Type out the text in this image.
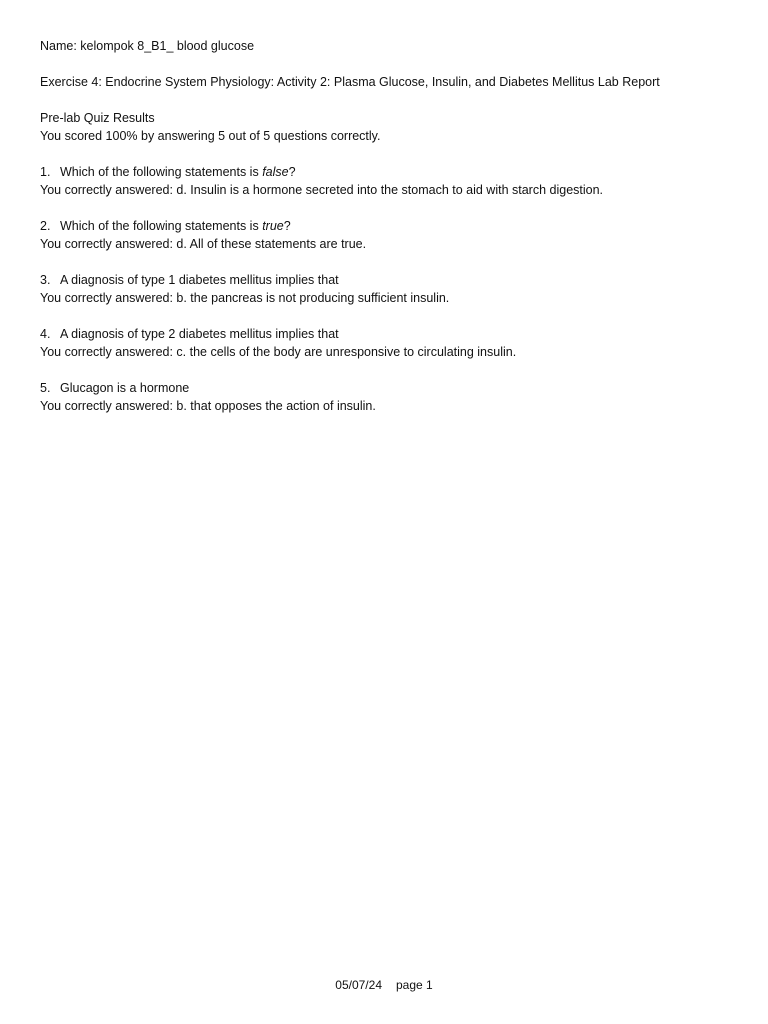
Name: kelompok 8_B1_ blood glucose
Exercise 4: Endocrine System Physiology: Activity 2: Plasma Glucose, Insulin, and Diabetes Mellitus Lab Report
Pre-lab Quiz Results
You scored 100% by answering 5 out of 5 questions correctly.
1. Which of the following statements is false?
You correctly answered: d. Insulin is a hormone secreted into the stomach to aid with starch digestion.
2. Which of the following statements is true?
You correctly answered: d. All of these statements are true.
3. A diagnosis of type 1 diabetes mellitus implies that
You correctly answered: b. the pancreas is not producing sufficient insulin.
4. A diagnosis of type 2 diabetes mellitus implies that
You correctly answered: c. the cells of the body are unresponsive to circulating insulin.
5. Glucagon is a hormone
You correctly answered: b. that opposes the action of insulin.
05/07/24 page 1
